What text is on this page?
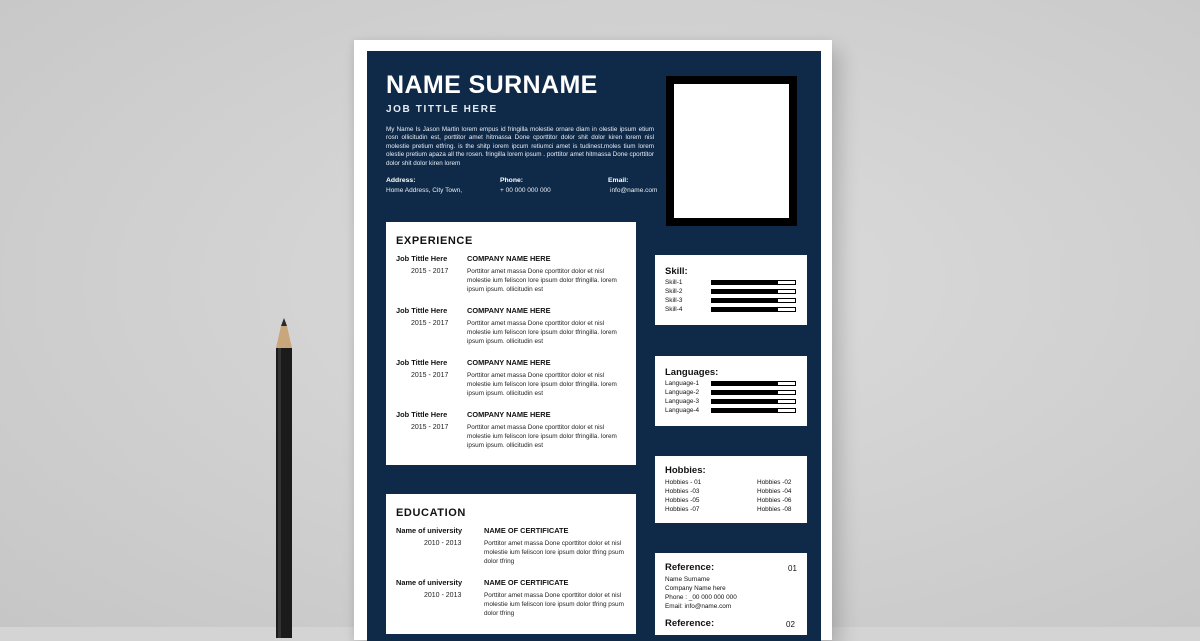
NAME SURNAME
JOB TITTLE HERE
My Name Is Jason Martin lorem empus id fringilla molestie ornare diam in olestie ipsum etium rosn ollicitudin est, porttitor amet hitmassa Done cporttitor dolor shit dolor kiren lorem nisl molestie pretium etfring. is the shitp iorem ipcum retiumci amet is tudinest.moles tium lorem olestie pretium apaza all the rosen. fringilla lorem ipsum . porttitor amet hitmassa Done cporttitor dolor shit dolor kiren lorem
Address:
Home Address, City Town,
Phone:
+ 00 000 000 000
Email:
info@name.com
EXPERIENCE
Job Tittle Here	COMPANY NAME HERE
2015 - 2017	Porttitor amet massa Done cporttitor dolor et nisl molestie ium feliscon lore ipsum dolor tfringilla. lorem ipsum ipsum. ollicitudin est
Job Tittle Here	COMPANY NAME HERE
2015 - 2017	Porttitor amet massa Done cporttitor dolor et nisl molestie ium feliscon lore ipsum dolor tfringilla. lorem ipsum ipsum. ollicitudin est
Job Tittle Here	COMPANY NAME HERE
2015 - 2017	Porttitor amet massa Done cporttitor dolor et nisl molestie ium feliscon lore ipsum dolor tfringilla. lorem ipsum ipsum. ollicitudin est
Job Tittle Here	COMPANY NAME HERE
2015 - 2017	Porttitor amet massa Done cporttitor dolor et nisl molestie ium feliscon lore ipsum dolor tfringilla. lorem ipsum ipsum. ollicitudin est
EDUCATION
Name of university	NAME OF CERTIFICATE
2010 - 2013	Porttitor amet massa Done cporttitor dolor et nisl molestie ium feliscon lore ipsum dolor tfring psum dolor tfring
Name of university	NAME OF CERTIFICATE
2010 - 2013	Porttitor amet massa Done cporttitor dolor et nisl molestie ium feliscon lore ipsum dolor tfring psum dolor tfring
Skill:
Skill-1
Skill-2
Skill-3
Skill-4
Languages:
Language-1
Language-2
Language-3
Language-4
Hobbies:
Hobbies - 01	Hobbies -02
Hobbies -03	Hobbies -04
Hobbies -05	Hobbies -06
Hobbies -07	Hobbies -08
Reference:	01
Name Surname
Company Name here
Phone : _00 000 000 000
Email: info@name.com
Reference:	02
